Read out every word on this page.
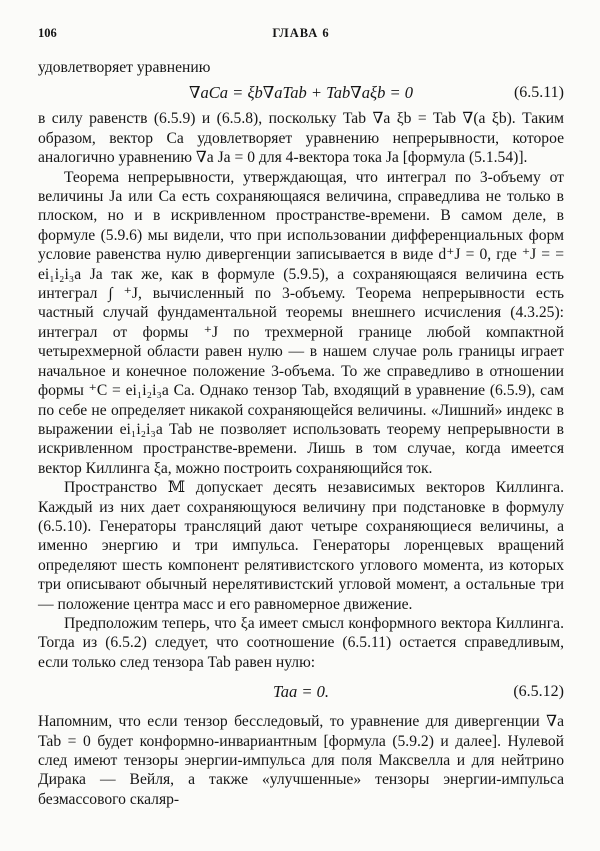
106	ГЛАВА 6

удовлетворяет уравнению

∇aCa = ξb∇aTab + Tab∇aξb = 0	(6.5.11)

в силу равенств (6.5.9) и (6.5.8), поскольку Tab ∇a ξb = Tab ∇(a ξb). Таким образом, вектор Ca удовлетворяет уравнению непрерывности, которое аналогично уравнению ∇a Ja = 0 для 4-вектора тока Ja [формула (5.1.54)].

Теорема непрерывности, утверждающая, что интеграл по 3-объему от величины Ja или Ca есть сохраняющаяся величина, справедлива не только в плоском, но и в искривленном пространстве-времени. В самом деле, в формуле (5.9.6) мы видели, что при использовании дифференциальных форм условие равенства нулю дивергенции записывается в виде d⁺J = 0, где ⁺J = = ei₁i₂i₃a Ja так же, как в формуле (5.9.5), а сохраняющаяся величина есть интеграл ∫ ⁺J, вычисленный по 3-объему. Теорема непрерывности есть частный случай фундаментальной теоремы внешнего исчисления (4.3.25): интеграл от формы ⁺J по трехмерной границе любой компактной четырехмерной области равен нулю — в нашем случае роль границы играет начальное и конечное положение 3-объема. То же справедливо в отношении формы ⁺C = ei₁i₂i₃a Ca. Однако тензор Tab, входящий в уравнение (6.5.9), сам по себе не определяет никакой сохраняющейся величины. «Лишний» индекс в выражении ei₁i₂i₃a Tab не позволяет использовать теорему непрерывности в искривленном пространстве-времени. Лишь в том случае, когда имеется вектор Киллинга ξa, можно построить сохраняющийся ток.

Пространство 𝕄 допускает десять независимых векторов Киллинга. Каждый из них дает сохраняющуюся величину при подстановке в формулу (6.5.10). Генераторы трансляций дают четыре сохраняющиеся величины, а именно энергию и три импульса. Генераторы лоренцевых вращений определяют шесть компонент релятивистского углового момента, из которых три описывают обычный нерелятивистский угловой момент, а остальные три — положение центра масс и его равномерное движение.

Предположим теперь, что ξa имеет смысл конформного вектора Киллинга. Тогда из (6.5.2) следует, что соотношение (6.5.11) остается справедливым, если только след тензора Tab равен нулю:

Taa = 0.	(6.5.12)

Напомним, что если тензор бесследовый, то уравнение для дивергенции ∇a Tab = 0 будет конформно-инвариантным [формула (5.9.2) и далее]. Нулевой след имеют тензоры энергии-импульса для поля Максвелла и для нейтрино Дирака — Вейля, а также «улучшенные» тензоры энергии-импульса безмассового скаляр-
